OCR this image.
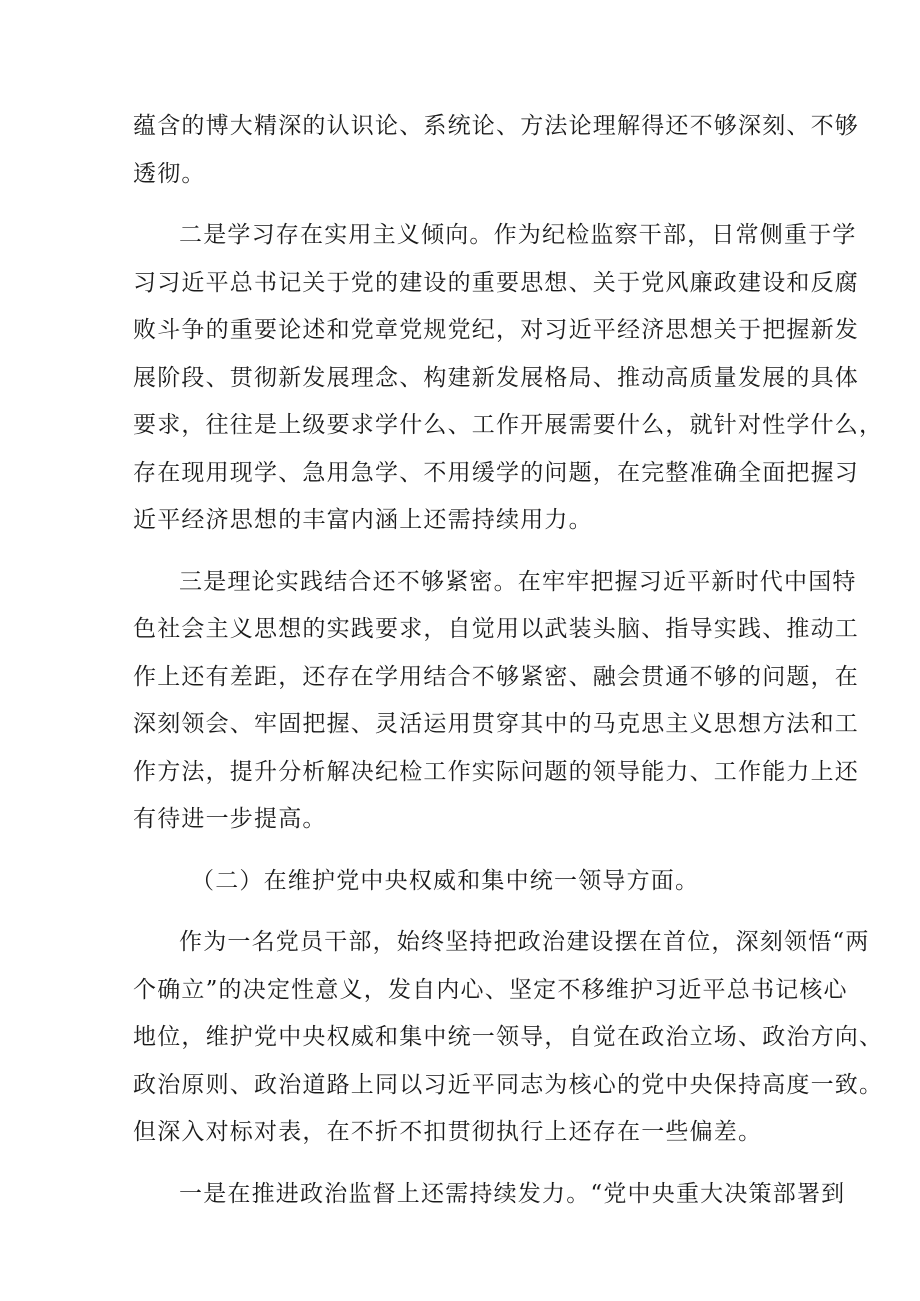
蕴含的博大精深的认识论、系统论、方法论理解得还不够深刻、不够
透彻。
二是学习存在实用主义倾向。作为纪检监察干部，日常侧重于学
习习近平总书记关于党的建设的重要思想、关于党风廉政建设和反腐
败斗争的重要论述和党章党规党纪，对习近平经济思想关于把握新发
展阶段、贯彻新发展理念、构建新发展格局、推动高质量发展的具体
要求，往往是上级要求学什么、工作开展需要什么，就针对性学什么，
存在现用现学、急用急学、不用缓学的问题，在完整准确全面把握习
近平经济思想的丰富内涵上还需持续用力。
三是理论实践结合还不够紧密。在牢牢把握习近平新时代中国特
色社会主义思想的实践要求，自觉用以武装头脑、指导实践、推动工
作上还有差距，还存在学用结合不够紧密、融会贯通不够的问题，在
深刻领会、牢固把握、灵活运用贯穿其中的马克思主义思想方法和工
作方法，提升分析解决纪检工作实际问题的领导能力、工作能力上还
有待进一步提高。
（二）在维护党中央权威和集中统一领导方面。
作为一名党员干部，始终坚持把政治建设摆在首位，深刻领悟“两
个确立”的决定性意义，发自内心、坚定不移维护习近平总书记核心
地位，维护党中央权威和集中统一领导，自觉在政治立场、政治方向、
政治原则、政治道路上同以习近平同志为核心的党中央保持高度一致。
但深入对标对表，在不折不扣贯彻执行上还存在一些偏差。
一是在推进政治监督上还需持续发力。“党中央重大决策部署到
